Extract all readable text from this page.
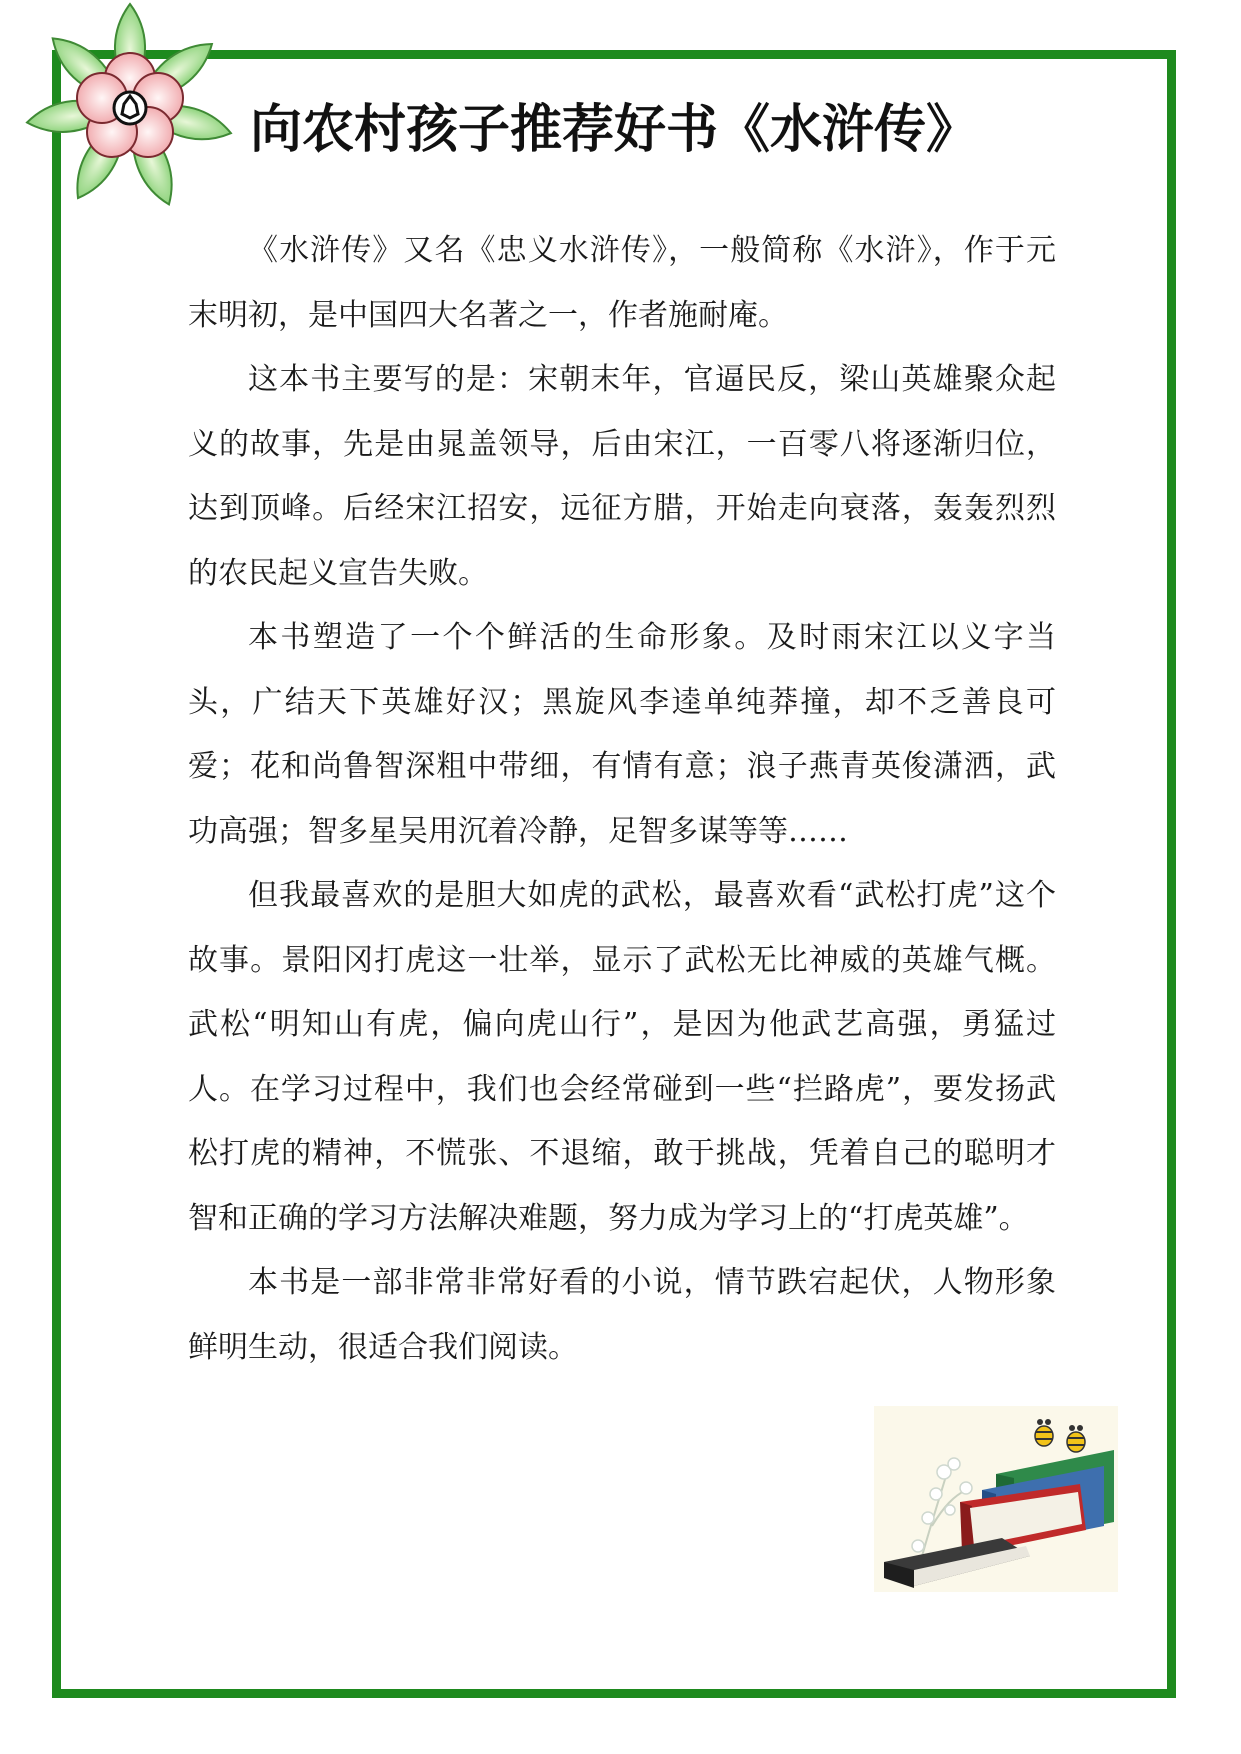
向农村孩子推荐好书《水浒传》

《水浒传》又名《忠义水浒传》，一般简称《水浒》，作于元末明初，是中国四大名著之一，作者施耐庵。

这本书主要写的是：宋朝末年，官逼民反，梁山英雄聚众起义的故事，先是由晁盖领导，后由宋江，一百零八将逐渐归位，达到顶峰。后经宋江招安，远征方腊，开始走向衰落，轰轰烈烈的农民起义宣告失败。

本书塑造了一个个鲜活的生命形象。及时雨宋江以义字当头，广结天下英雄好汉；黑旋风李逵单纯莽撞，却不乏善良可爱；花和尚鲁智深粗中带细，有情有意；浪子燕青英俊潇洒，武功高强；智多星吴用沉着冷静，足智多谋等等……

但我最喜欢的是胆大如虎的武松，最喜欢看“武松打虎”这个故事。景阳冈打虎这一壮举，显示了武松无比神威的英雄气概。武松“明知山有虎，偏向虎山行”，是因为他武艺高强，勇猛过人。在学习过程中，我们也会经常碰到一些“拦路虎”，要发扬武松打虎的精神，不慌张、不退缩，敢于挑战，凭着自己的聪明才智和正确的学习方法解决难题，努力成为学习上的“打虎英雄”。

本书是一部非常非常好看的小说，情节跌宕起伏，人物形象鲜明生动，很适合我们阅读。
